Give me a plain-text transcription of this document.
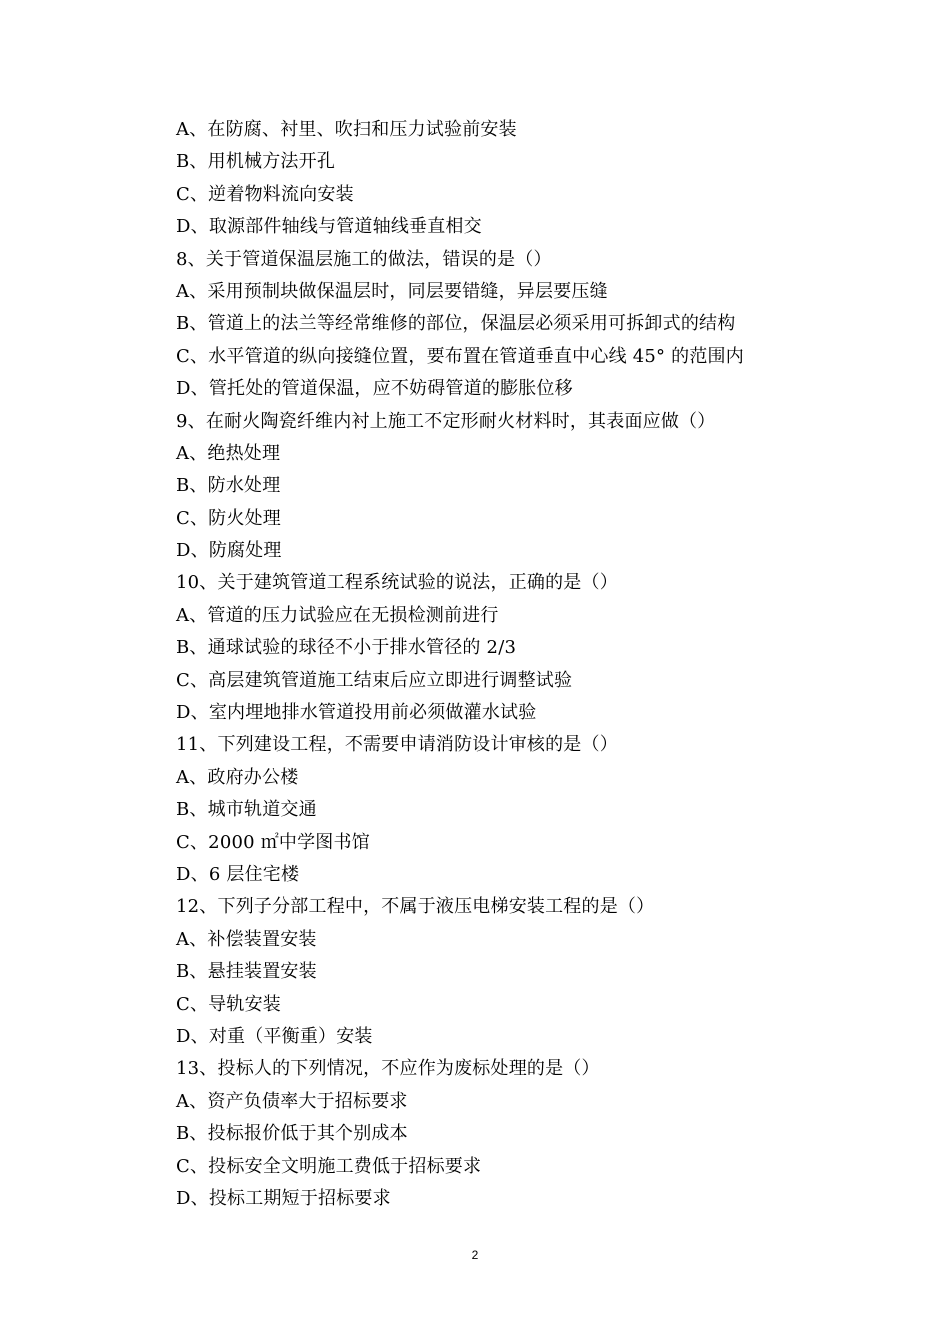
A、在防腐、衬里、吹扫和压力试验前安装
B、用机械方法开孔
C、逆着物料流向安装
D、取源部件轴线与管道轴线垂直相交
8、关于管道保温层施工的做法，错误的是（）
A、采用预制块做保温层时，同层要错缝，异层要压缝
B、管道上的法兰等经常维修的部位，保温层必须采用可拆卸式的结构
C、水平管道的纵向接缝位置，要布置在管道垂直中心线 45° 的范围内
D、管托处的管道保温，应不妨碍管道的膨胀位移
9、在耐火陶瓷纤维内衬上施工不定形耐火材料时，其表面应做（）
A、绝热处理
B、防水处理
C、防火处理
D、防腐处理
10、关于建筑管道工程系统试验的说法，正确的是（）
A、管道的压力试验应在无损检测前进行
B、通球试验的球径不小于排水管径的 2/3
C、高层建筑管道施工结束后应立即进行调整试验
D、室内埋地排水管道投用前必须做灌水试验
11、下列建设工程，不需要申请消防设计审核的是（）
A、政府办公楼
B、城市轨道交通
C、2000 ㎡中学图书馆
D、6 层住宅楼
12、下列子分部工程中，不属于液压电梯安装工程的是（）
A、补偿装置安装
B、悬挂装置安装
C、导轨安装
D、对重（平衡重）安装
13、投标人的下列情况，不应作为废标处理的是（）
A、资产负债率大于招标要求
B、投标报价低于其个别成本
C、投标安全文明施工费低于招标要求
D、投标工期短于招标要求
2
